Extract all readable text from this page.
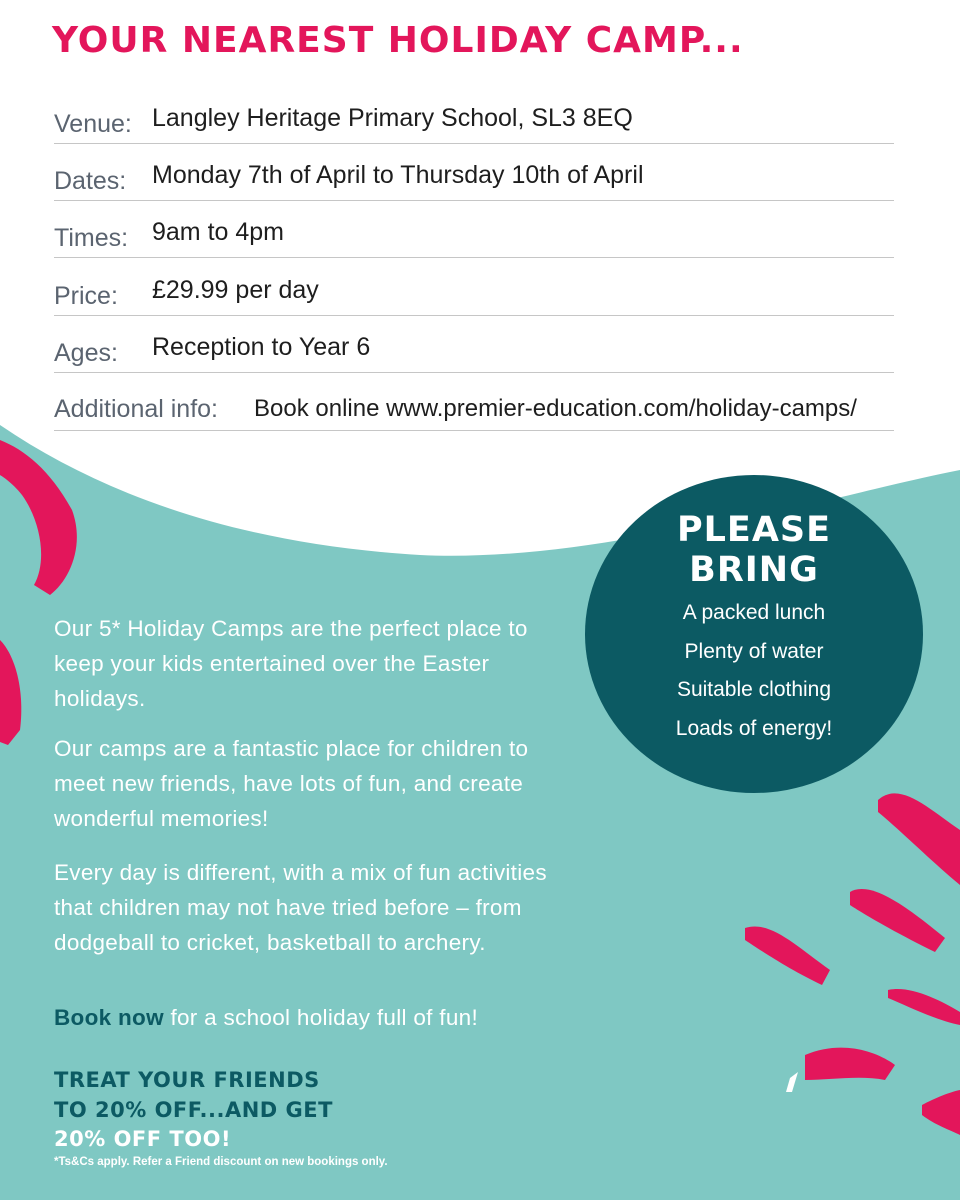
YOUR NEAREST HOLIDAY CAMP...
Venue: Langley Heritage Primary School, SL3 8EQ
Dates: Monday 7th of April to Thursday 10th of April
Times: 9am to 4pm
Price: £29.99 per day
Ages: Reception to Year 6
Additional info: Book online www.premier-education.com/holiday-camps/
PLEASE
BRING
A packed lunch
Plenty of water
Suitable clothing
Loads of energy!

Our 5* Holiday Camps are the perfect place to keep your kids entertained over the Easter holidays.

Our camps are a fantastic place for children to meet new friends, have lots of fun, and create wonderful memories!

Every day is different, with a mix of fun activities that children may not have tried before – from dodgeball to cricket, basketball to archery.

Book now for a school holiday full of fun!

TREAT YOUR FRIENDS
TO 20% OFF...AND GET
20% OFF TOO!

*Ts&Cs apply. Refer a Friend discount on new bookings only.
